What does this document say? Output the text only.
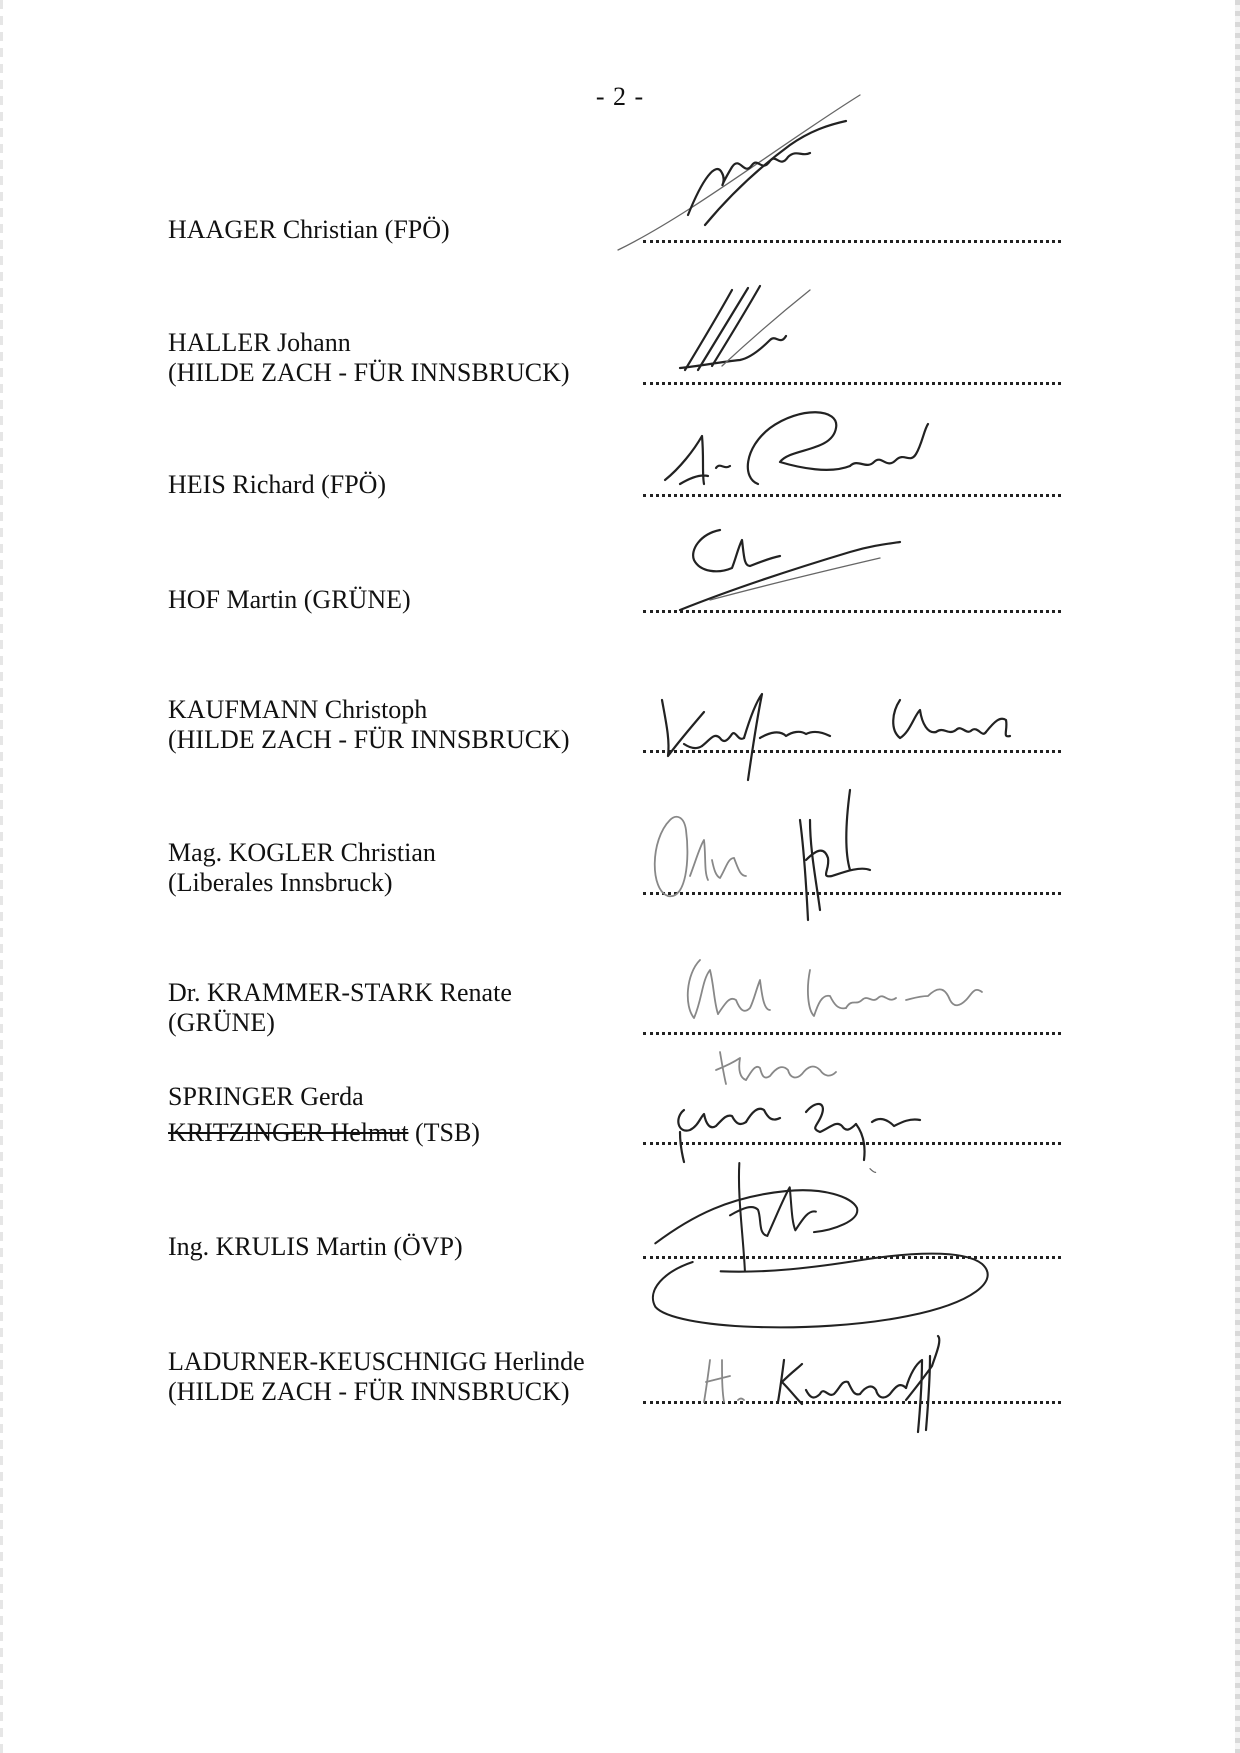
- 2 -
HAAGER Christian (FPÖ)
HALLER Johann
(HILDE ZACH - FÜR INNSBRUCK)
HEIS Richard (FPÖ)
HOF Martin (GRÜNE)
KAUFMANN Christoph
(HILDE ZACH - FÜR INNSBRUCK)
Mag. KOGLER Christian
(Liberales Innsbruck)
Dr. KRAMMER-STARK Renate
(GRÜNE)
SPRINGER Gerda
KRITZINGER Helmut (TSB)
Ing. KRULIS Martin (ÖVP)
LADURNER-KEUSCHNIGG Herlinde
(HILDE ZACH - FÜR INNSBRUCK)
